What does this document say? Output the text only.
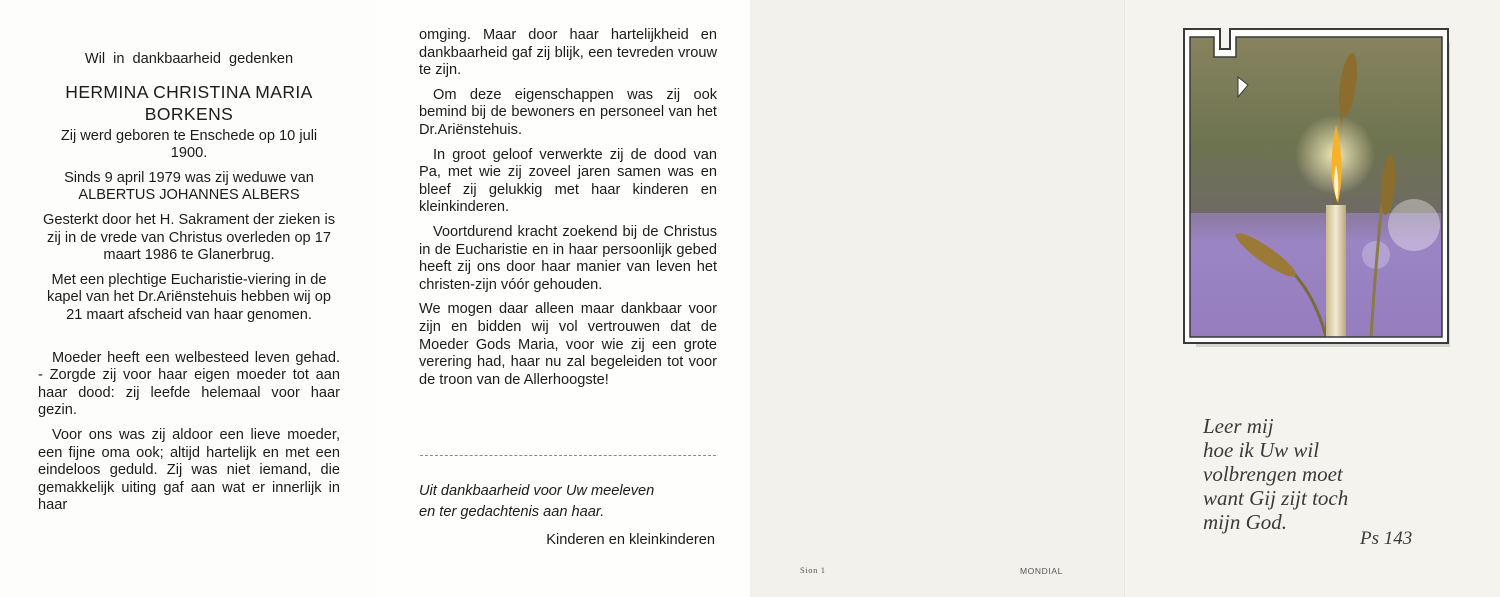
Wil in dankbaarheid gedenken
HERMINA CHRISTINA MARIA
BORKENS
Zij werd geboren te Enschede op 10 juli 1900.
Sinds 9 april 1979 was zij weduwe van
ALBERTUS JOHANNES ALBERS
Gesterkt door het H. Sakrament der zieken is zij in de vrede van Christus overleden op 17 maart 1986 te Glanerbrug.
Met een plechtige Eucharistie-viering in de kapel van het Dr.Ariënstehuis hebben wij op 21 maart afscheid van haar genomen.
Moeder heeft een welbesteed leven gehad. - Zorgde zij voor haar eigen moeder tot aan haar dood: zij leefde helemaal voor haar gezin.
Voor ons was zij aldoor een lieve moeder, een fijne oma ook; altijd hartelijk en met een eindeloos geduld. Zij was niet iemand, die gemakkelijk uiting gaf aan wat er innerlijk in haar
omging. Maar door haar hartelijkheid en dankbaarheid gaf zij blijk, een tevreden vrouw te zijn.
Om deze eigenschappen was zij ook bemind bij de bewoners en personeel van het Dr.Ariënstehuis.
In groot geloof verwerkte zij de dood van Pa, met wie zij zoveel jaren samen was en bleef zij gelukkig met haar kinderen en kleinkinderen.
Voortdurend kracht zoekend bij de Christus in de Eucharistie en in haar persoonlijk gebed heeft zij ons door haar manier van leven het christen-zijn vóór gehouden.
We mogen daar alleen maar dankbaar voor zijn en bidden wij vol vertrouwen dat de Moeder Gods Maria, voor wie zij een grote verering had, haar nu zal begeleiden tot voor de troon van de Allerhoogste!
Uit dankbaarheid voor Uw meeleven
en ter gedachtenis aan haar.
Kinderen en kleinkinderen
Sion 1	MONDIAL
Leer mij
hoe ik Uw wil
volbrengen moet
want Gij zijt toch
mijn God.
Ps 143
